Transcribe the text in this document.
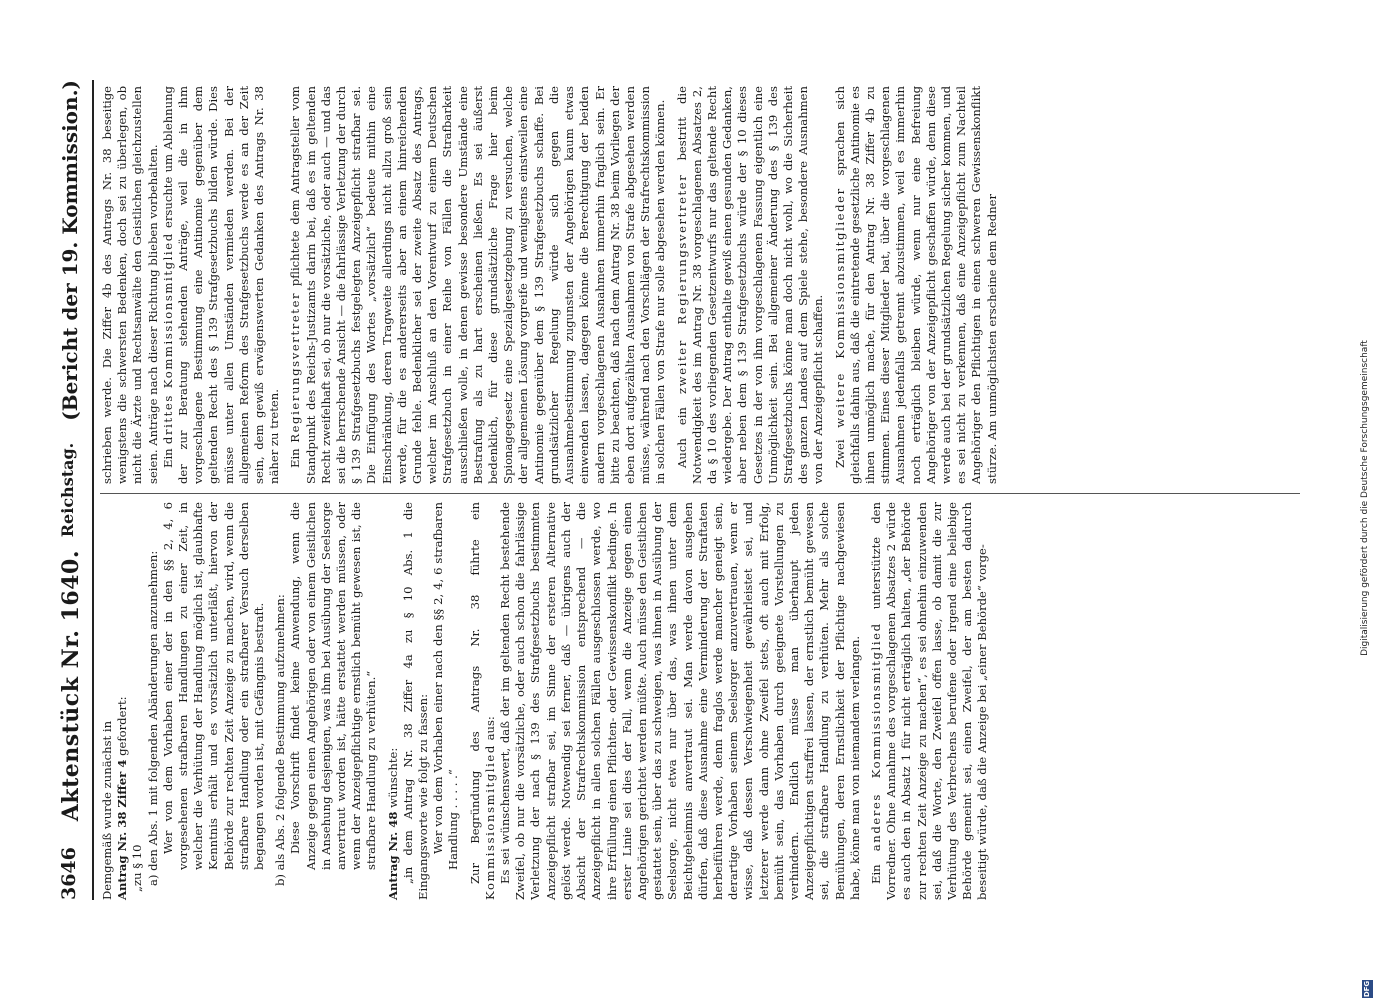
3646
Reichstag.
Aktenstück Nr. 1640.
(Bericht der 19. Kommission.)

Demgemäß wurde zunächst in Antrag Nr. 38 Ziffer 4 gefordert:

„zu § 10 a) den Abs. 1 mit folgenden Abänderungen anzunehmen: Wer von dem Vorhaben einer der in den §§ 2, 4, 6 vorgesehenen strafbaren Handlungen zu einer Zeit, in welcher die Verhütung der Handlung möglich ist, glaubhafte Kenntnis erhält und es vorsätzlich unterläßt, hiervon der Behörde zur rechten Zeit Anzeige zu machen, wird, wenn die strafbare Handlung oder ein strafbarer Versuch derselben begangen worden ist, mit Gefängnis bestraft. b) als Abs. 2 folgende Bestimmung aufzunehmen: Diese Vorschrift findet keine Anwendung, wenn die Anzeige gegen einen Angehörigen oder von einem Geistlichen in Ansehung desjenigen, was ihm bei Ausübung der Seelsorge anvertraut worden ist, hätte erstattet werden müssen, oder wenn der Anzeigepflichtige ernstlich bemüht gewesen ist, die strafbare Handlung zu verhüten.“ Antrag Nr. 48 wünschte: „in dem Antrag Nr. 38 Ziffer 4a zu § 10 Abs. 1 die Eingangsworte wie folgt zu fassen: Wer von dem Vorhaben einer nach den §§ 2, 4, 6 strafbaren Handlung . . . . .“ Zur Begründung des Antrags Nr. 38 führte ein Kommissionsmitglied aus: Es sei wünschenswert, daß der im geltenden Recht bestehende Zweifel, ob nur die vorsätzliche, oder auch schon die fahrlässige Verletzung der nach § 139 des Strafgesetzbuchs bestimmten Anzeigepflicht strafbar sei, im Sinne der ersteren Alternative gelöst werde. Notwendig sei ferner, daß — übrigens auch der Absicht der Strafrechtskommission entsprechend — die Anzeigepflicht in allen solchen Fällen ausgeschlossen werde, wo ihre Erfüllung einen Pflichten- oder Gewissenskonflikt bedinge. In erster Linie sei dies der Fall, wenn die Anzeige gegen einen Angehörigen gerichtet werden müßte. Auch müsse den Geistlichen gestattet sein, über das zu schweigen, was ihnen in Ausübung der Seelsorge, nicht etwa nur über das, was ihnen unter dem Beichtgeheimnis anvertraut sei. Man werde davon ausgehen dürfen, daß diese Ausnahme eine Verminderung der Straftaten herbeiführen werde, denn fraglos werde mancher geneigt sein, derartige Vorhaben seinem Seelsorger anzuvertrauen, wenn er wisse, daß dessen Verschwiegenheit gewährleistet sei, und letzterer werde dann ohne Zweifel stets, oft auch mit Erfolg, bemüht sein, das Vorhaben durch geeignete Vorstellungen zu verhindern. Endlich müsse man überhaupt jeden Anzeigepflichtigen straffrei lassen, der ernstlich bemüht gewesen sei, die strafbare Handlung zu verhüten. Mehr als solche Bemühungen, deren Ernstlichkeit der Pflichtige nachgewiesen habe, könne man von niemandem verlangen. Ein anderes Kommissionsmitglied unterstützte den Vorredner. Ohne Annahme des vorgeschlagenen Absatzes 2 würde es auch den in Absatz 1 für nicht erträglich halten, „der Behörde zur rechten Zeit Anzeige zu machen“, es sei ohnehin einzuwenden sei, daß die Worte, den Zweifel offen lasse, ob damit die zur Verhütung des Verbrechens berufene oder irgend eine beliebige Behörde gemeint sei, einen Zweifel, der am besten dadurch beseitigt würde, daß die Anzeige bei „einer Behörde“ vorge-

schrieben werde. Die Ziffer 4b des Antrags Nr. 38 beseitige wenigstens die schwersten Bedenken, doch sei zu überlegen, ob nicht die Ärzte und Rechtsanwälte den Geistlichen gleichzustellen seien. Anträge nach dieser Richtung blieben vorbehalten. Ein drittes Kommissionsmitglied ersuchte um Ablehnung der zur Beratung stehenden Anträge, weil die in ihm vorgeschlagene Bestimmung eine Antinomie gegenüber dem geltenden Recht des § 139 Strafgesetzbuchs bilden würde. Dies müsse unter allen Umständen vermieden werden. Bei der allgemeinen Reform des Strafgesetzbuchs werde es an der Zeit sein, dem gewiß erwägenswerten Gedanken des Antrags Nr. 38 näher zu treten. Ein Regierungsvertreter pflichtete dem Antragsteller vom Standpunkt des Reichs-Justizamts darin bei, daß es im geltenden Recht zweifelhaft sei, ob nur die vorsätzliche, oder auch — und das sei die herrschende Ansicht — die fahrlässige Verletzung der durch § 139 Strafgesetzbuchs festgelegten Anzeigepflicht strafbar sei. Die Einfügung des Wortes „vorsätzlich“ bedeute mithin eine Einschränkung, deren Tragweite allerdings nicht allzu groß sein werde, für die es andererseits aber an einem hinreichenden Grunde fehle. Bedenklicher sei der zweite Absatz des Antrags, welcher im Anschluß an den Vorentwurf zu einem Deutschen Strafgesetzbuch in einer Reihe von Fällen die Strafbarkeit ausschließen wolle, in denen gewisse besondere Umstände eine Bestrafung als zu hart erscheinen ließen. Es sei äußerst bedenklich, für diese grundsätzliche Frage hier beim Spionagegesetz eine Spezialgesetzgebung zu versuchen, welche der allgemeinen Lösung vorgreife und wenigstens einstweilen eine Antinomie gegenüber dem § 139 Strafgesetzbuchs schaffe. Bei grundsätzlicher Regelung würde sich gegen die Ausnahmebestimmung zugunsten der Angehörigen kaum etwas einwenden lassen, dagegen könne die Berechtigung der beiden andern vorgeschlagenen Ausnahmen immerhin fraglich sein. Er bitte zu beachten, daß nach dem Antrag Nr. 38 beim Vorliegen der eben dort aufgezählten Ausnahmen von Strafe abgesehen werden müsse, während nach den Vorschlägen der Strafrechtskommission in solchen Fällen von Strafe nur solle abgesehen werden können. Auch ein zweiter Regierungsvertreter bestritt die Notwendigkeit des im Antrag Nr. 38 vorgeschlagenen Absatzes 2, da § 10 des vorliegenden Gesetzentwurfs nur das geltende Recht wiedergebe. Der Antrag enthalte gewiß einen gesunden Gedanken, aber neben dem § 139 Strafgesetzbuchs würde der § 10 dieses Gesetzes in der von ihm vorgeschlagenen Fassung eigentlich eine Unmöglichkeit sein. Bei allgemeiner Änderung des § 139 des Strafgesetzbuchs könne man doch nicht wohl, wo die Sicherheit des ganzen Landes auf dem Spiele stehe, besondere Ausnahmen von der Anzeigepflicht schaffen. Zwei weitere Kommissionsmitglieder sprachen sich gleichfalls dahin aus, daß die eintretende gesetzliche Antinomie es ihnen unmöglich mache, für den Antrag Nr. 38 Ziffer 4b zu stimmen. Eines dieser Mitglieder bat, über die vorgeschlagenen Ausnahmen jedenfalls getrennt abzustimmen, weil es immerhin noch erträglich bleiben würde, wenn nur eine Befreiung Angehöriger von der Anzeigepflicht geschaffen würde, denn diese werde auch bei der grundsätzlichen Regelung sicher kommen, und es sei nicht zu verkennen, daß eine Anzeigepflicht zum Nachteil Angehöriger den Pflichtigen in einen schweren Gewissenskonflikt stürze. Am unmöglichsten erscheine dem Redner

DFG
Digitalisierung gefördert durch die Deutsche Forschungsgemeinschaft
